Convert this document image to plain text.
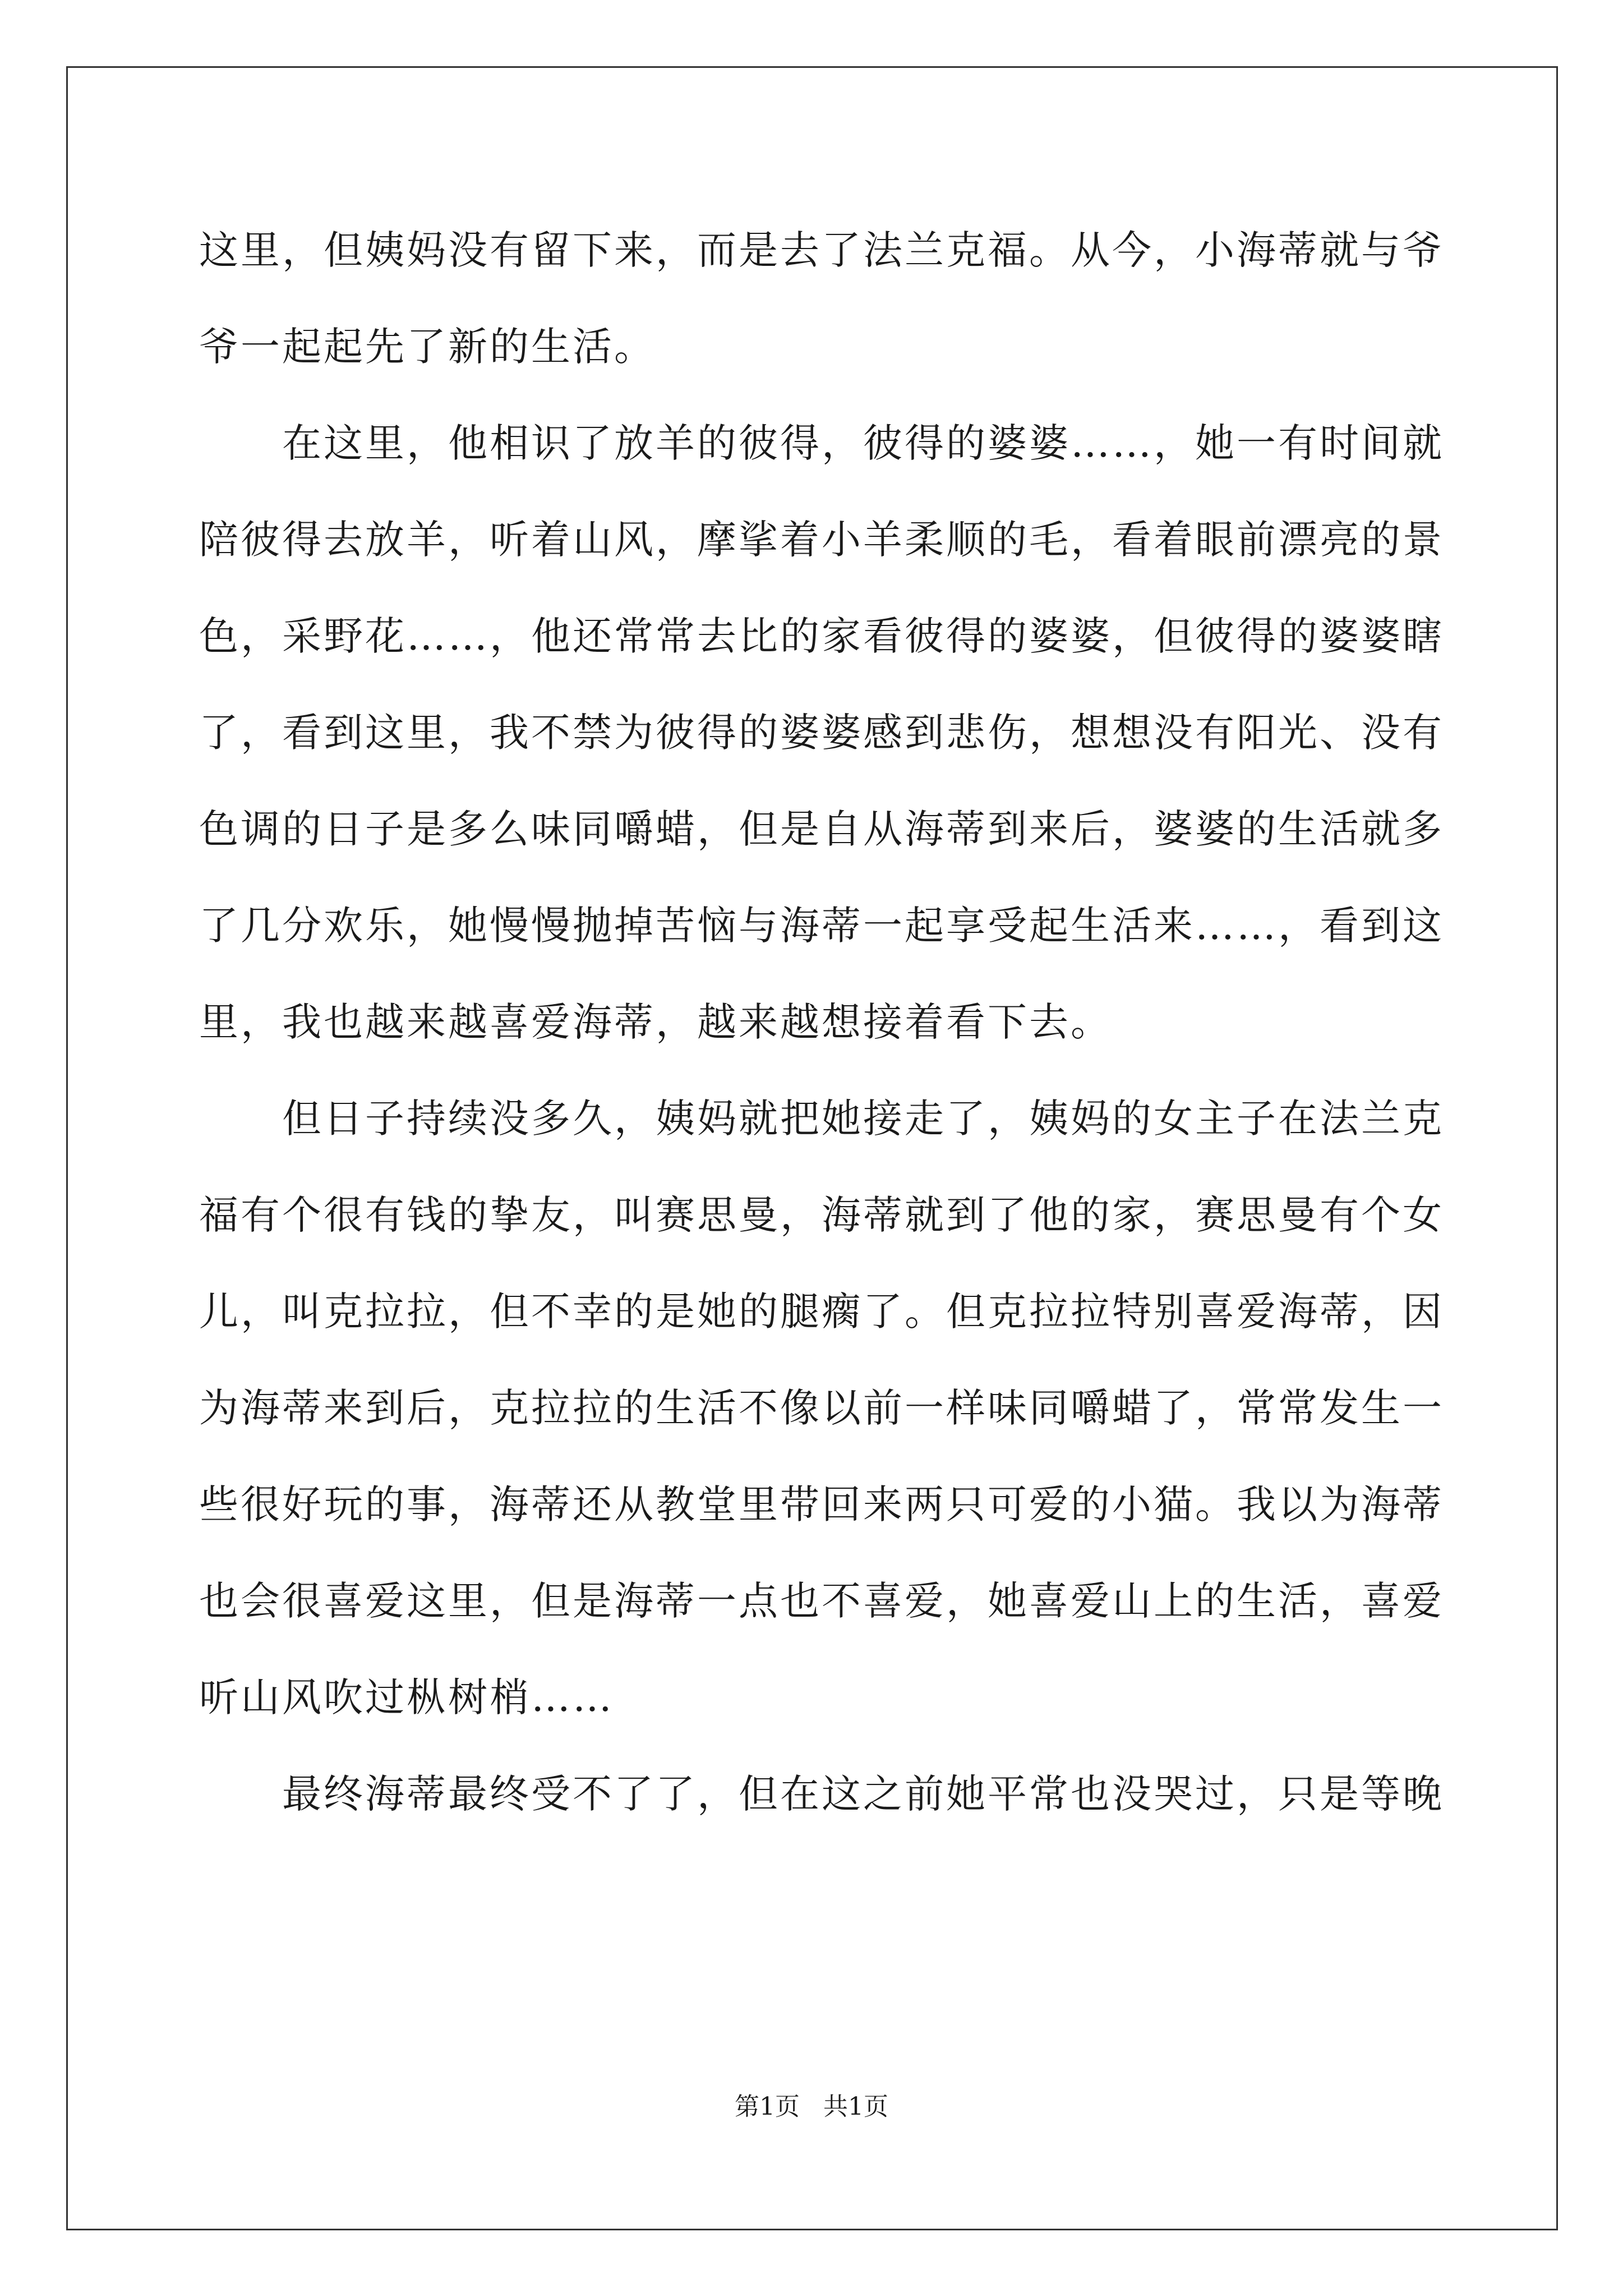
这里，但姨妈没有留下来，而是去了法兰克福。从今，小海蒂就与爷
爷一起起先了新的生活。
在这里，他相识了放羊的彼得，彼得的婆婆……，她一有时间就
陪彼得去放羊，听着山风，摩挲着小羊柔顺的毛，看着眼前漂亮的景
色，采野花……，他还常常去比的家看彼得的婆婆，但彼得的婆婆瞎
了，看到这里，我不禁为彼得的婆婆感到悲伤，想想没有阳光、没有
色调的日子是多么味同嚼蜡，但是自从海蒂到来后，婆婆的生活就多
了几分欢乐，她慢慢抛掉苦恼与海蒂一起享受起生活来……，看到这
里，我也越来越喜爱海蒂，越来越想接着看下去。
但日子持续没多久，姨妈就把她接走了，姨妈的女主子在法兰克
福有个很有钱的挚友，叫赛思曼，海蒂就到了他的家，赛思曼有个女
儿，叫克拉拉，但不幸的是她的腿瘸了。但克拉拉特别喜爱海蒂，因
为海蒂来到后，克拉拉的生活不像以前一样味同嚼蜡了，常常发生一
些很好玩的事，海蒂还从教堂里带回来两只可爱的小猫。我以为海蒂
也会很喜爱这里，但是海蒂一点也不喜爱，她喜爱山上的生活，喜爱
听山风吹过枞树梢……
最终海蒂最终受不了了，但在这之前她平常也没哭过，只是等晚
第1页   共1页
